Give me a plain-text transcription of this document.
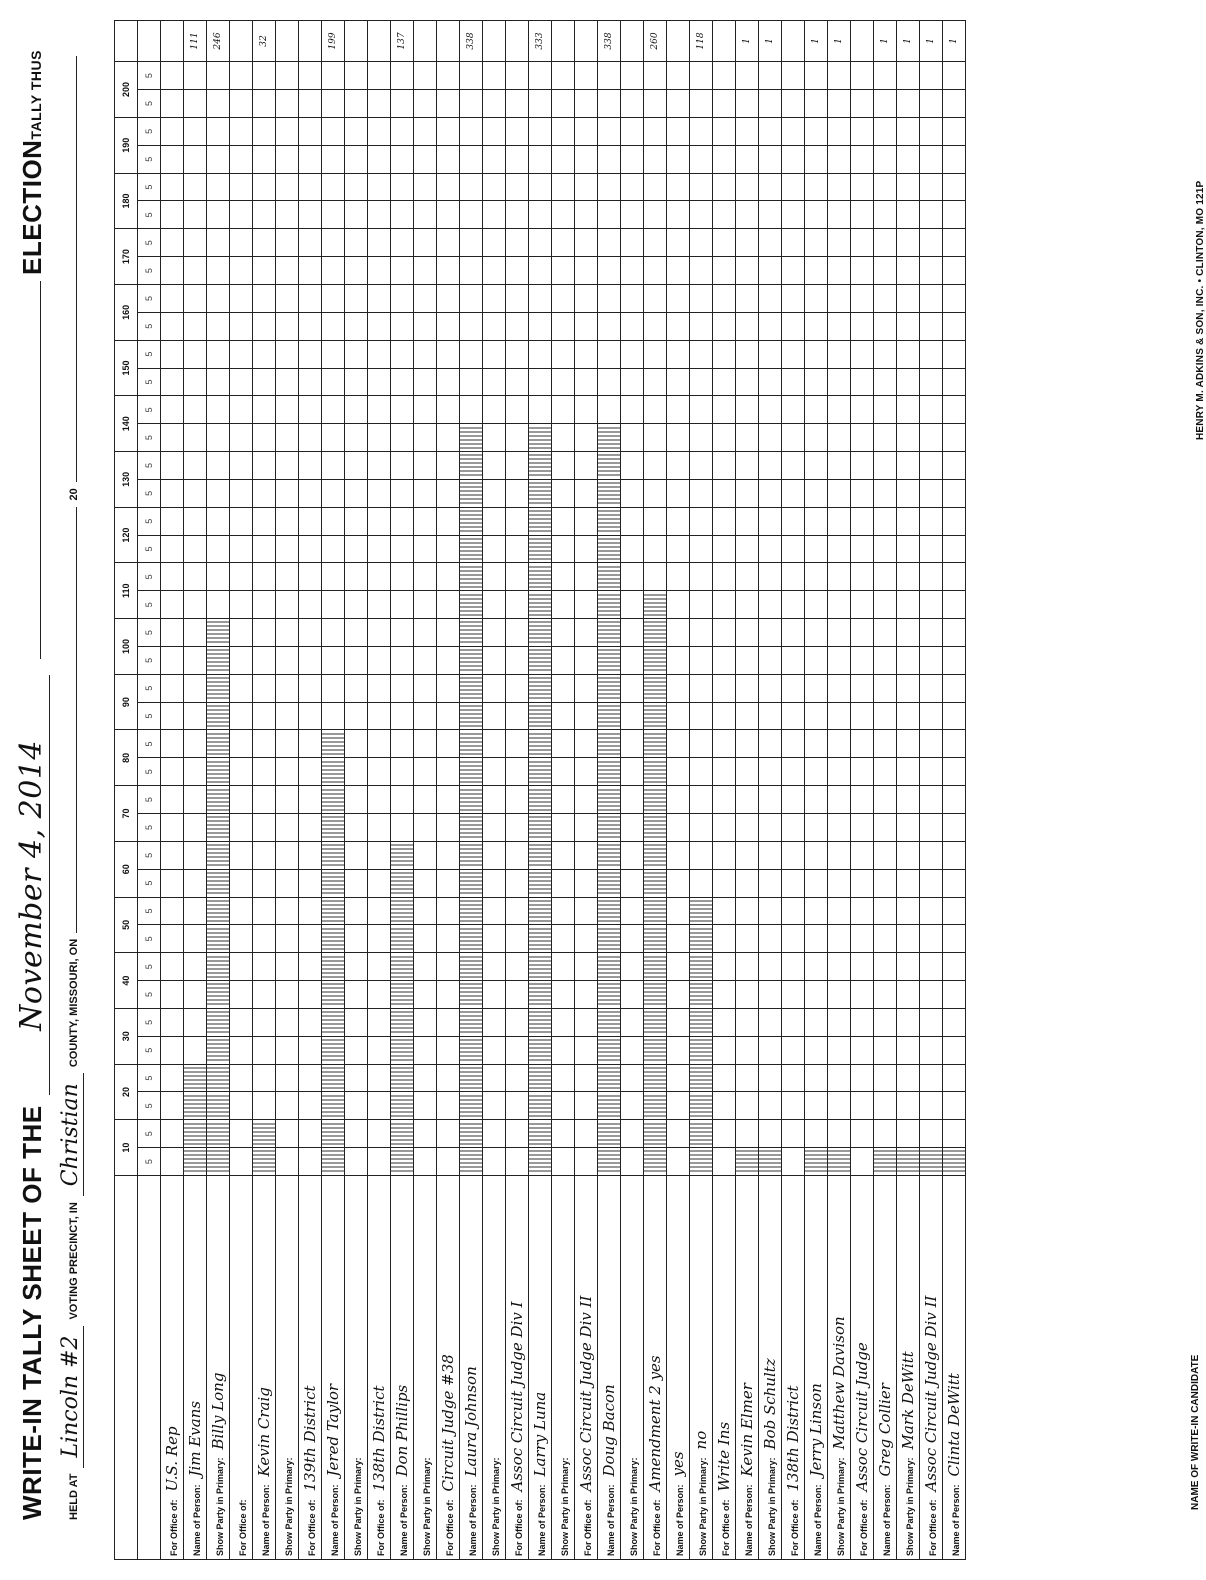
WRITE-IN TALLY SHEET OF THE
November 4, 2014
ELECTION
TALLY THUS
HELD AT
Lincoln #2
VOTING PRECINCT, IN
Christian
COUNTY, MISSOURI, ON
20
	10		20		30		40		50		60		70		80		90		100		110		120		130		140		150		160		170		180		190		200		
	5	5	5	5	5	5	5	5	5	5	5	5	5	5	5	5	5	5	5	5	5	5	5	5	5	5	5	5	5	5	5	5	5	5	5	5	5	5	5	5	
For Office of:U.S. Rep																																									
Name of Person:Jim Evans																																									111
Show Party in Primary:Billy Long																																									246
For Office of:																																									
Name of Person:Kevin Craig																																									32
Show Party in Primary:																																									
For Office of:139th District																																									
Name of Person:Jered Taylor																																									199
Show Party in Primary:																																									
For Office of:138th District																																									
Name of Person:Don Phillips																																									137
Show Party in Primary:																																									
For Office of:Circuit Judge #38																																									
Name of Person:Laura Johnson																																									338
Show Party in Primary:																																									
For Office of:Assoc Circuit Judge Div I																																									
Name of Person:Larry Luna																																									333
Show Party in Primary:																																									
For Office of:Assoc Circuit Judge Div II																																									
Name of Person:Doug Bacon																																									338
Show Party in Primary:																																									
For Office of:Amendment 2 yes																																									260
Name of Person:yes																																									
Show Party in Primary:no																																									118
For Office of:Write Ins																																									
Name of Person:Kevin Elmer																																									1
Show Party in Primary:Bob Schultz																																									1
For Office of:138th District																																									
Name of Person:Jerry Linson																																									1
Show Party in Primary:Matthew Davison																																									1
For Office of:Assoc Circuit Judge																																									
Name of Person:Greg Collier																																									1
Show Party in Primary:Mark DeWitt																																									1
For Office of:Assoc Circuit Judge Div II																																									1
Name of Person:Clinta DeWitt																																									1
NAME OF WRITE-IN CANDIDATE
HENRY M. ADKINS & SON, INC. • CLINTON, MO 121P
